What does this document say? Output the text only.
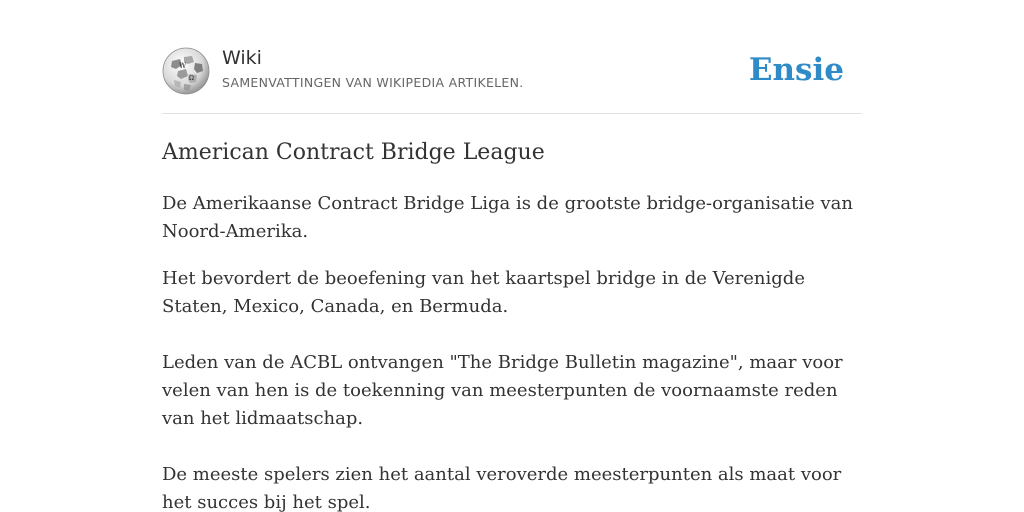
W
Ω
Wiki
SAMENVATTINGEN VAN WIKIPEDIA ARTIKELEN.	Ensie
American Contract Bridge League

De Amerikaanse Contract Bridge Liga is de grootste bridge-organisatie van Noord-Amerika.

Het bevordert de beoefening van het kaartspel bridge in de Verenigde Staten, Mexico, Canada, en Bermuda.

Leden van de ACBL ontvangen "The Bridge Bulletin magazine", maar voor velen van hen is de toekenning van meesterpunten de voornaamste reden van het lidmaatschap.

De meeste spelers zien het aantal veroverde meesterpunten als maat voor het succes bij het spel.
